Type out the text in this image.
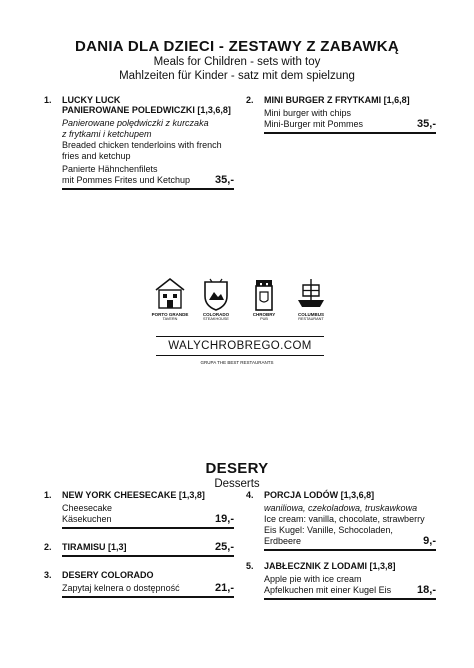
DANIA DLA DZIECI - ZESTAWY Z ZABAWKĄ
Meals for Children - sets with toy
Mahlzeiten für Kinder - satz mit dem spielzung
1. LUCKY LUCK
PANIEROWANE POLEDWICZKI [1,3,6,8]
Panierowane polędwiczki z kurczaka
z frytkami i ketchupem
Breaded chicken tenderloins with french
fries and ketchup
Panierte Hähnchenfilets
mit Pommes Frites und Ketchup 35,-
2. MINI BURGER Z FRYTKAMI [1,6,8]
Mini burger with chips
Mini-Burger mit Pommes	35,-
PORTO GRANDE
TAVERN
COLORADO
STEAKHOUSE
CHROBRY
PUB
COLUMBUS
RESTAURANT
WALYCHROBREGO.COM
GRUPA THE BEST RESTAURANTS
DESERY
Desserts
1. NEW YORK CHEESECAKE [1,3,8]
Cheesecake
Käsekuchen	19,-
2. TIRAMISU [1,3]	25,-
3. DESERY COLORADO
Zapytaj kelnera o dostępność	21,-
4. PORCJA LODÓW [1,3,6,8]
waniliowa, czekoladowa, truskawkowa
Ice cream: vanilla, chocolate, strawberry
Eis Kugel: Vanille, Schocoladen,
Erdbeere	9,-
5. JABŁECZNIK Z LODAMI [1,3,8]
Apple pie with ice cream
Apfelkuchen mit einer Kugel Eis 18,-
